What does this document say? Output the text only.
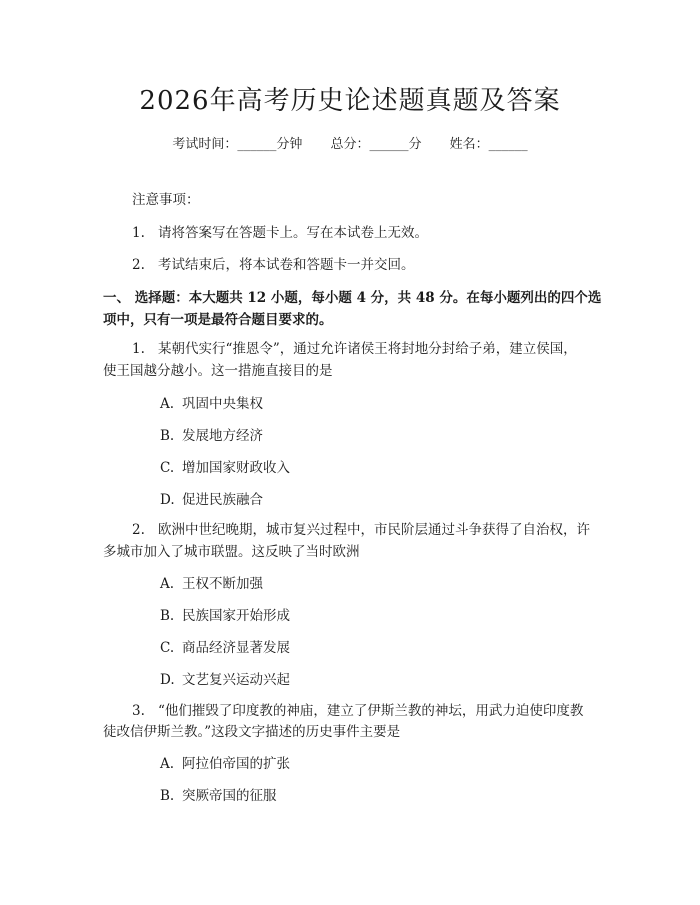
2026年高考历史论述题真题及答案
考试时间：______分钟 总分：______分 姓名：______
注意事项：
1. 请将答案写在答题卡上。写在本试卷上无效。
2. 考试结束后，将本试卷和答题卡一并交回。
一、 选择题：本大题共 12 小题，每小题 4 分，共 48 分。在每小题列出的四个选
项中，只有一项是最符合题目要求的。
1. 某朝代实行“推恩令”，通过允许诸侯王将封地分封给子弟，建立侯国，
使王国越分越小。这一措施直接目的是
A. 巩固中央集权
B. 发展地方经济
C. 增加国家财政收入
D. 促进民族融合
2. 欧洲中世纪晚期，城市复兴过程中，市民阶层通过斗争获得了自治权，许
多城市加入了城市联盟。这反映了当时欧洲
A. 王权不断加强
B. 民族国家开始形成
C. 商品经济显著发展
D. 文艺复兴运动兴起
3. “他们摧毁了印度教的神庙，建立了伊斯兰教的神坛，用武力迫使印度教
徒改信伊斯兰教。”这段文字描述的历史事件主要是
A. 阿拉伯帝国的扩张
B. 突厥帝国的征服
